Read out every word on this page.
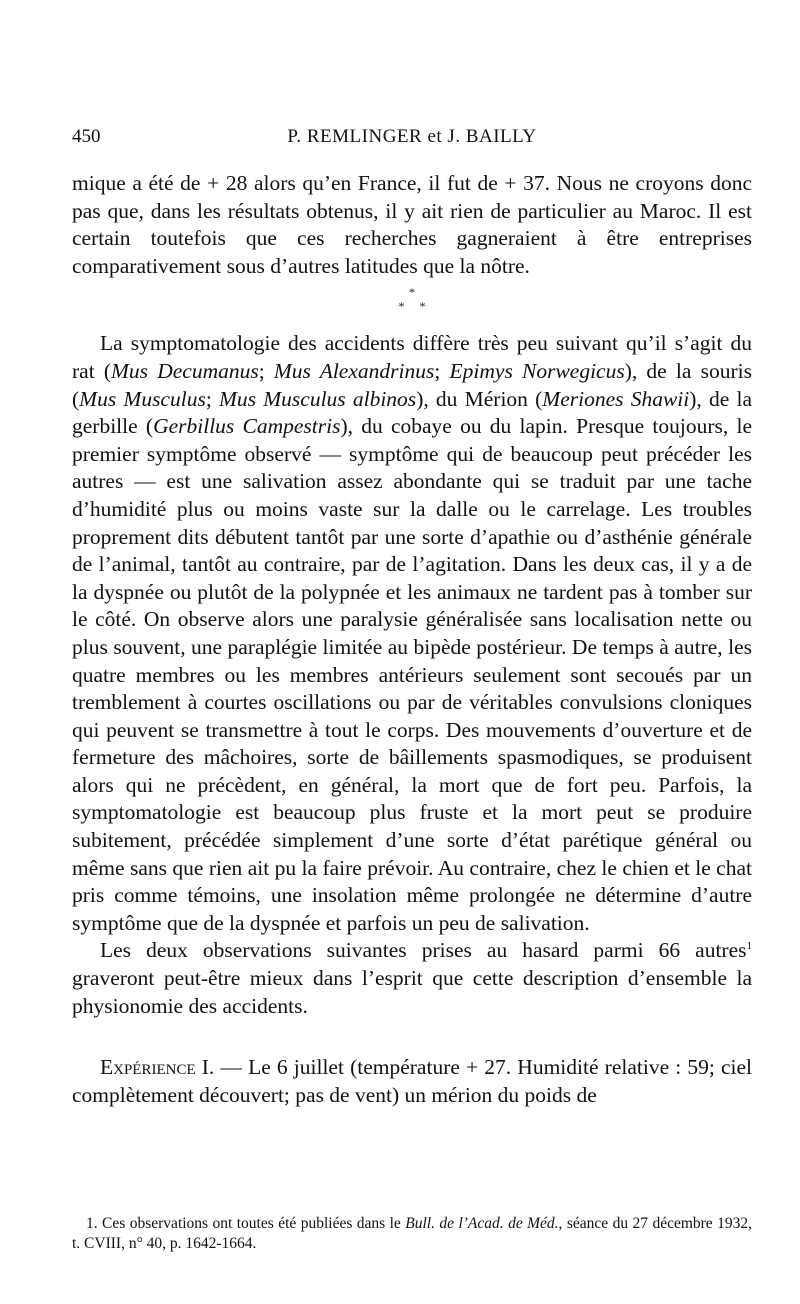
450	P. REMLINGER et J. BAILLY

mique a été de + 28 alors qu’en France, il fut de + 37. Nous ne croyons donc pas que, dans les résultats obtenus, il y ait rien de particulier au Maroc. Il est certain toutefois que ces recherches gagneraient à être entreprises comparativement sous d’autres latitudes que la nôtre.

*
*     *

La symptomatologie des accidents diffère très peu suivant qu’il s’agit du rat (Mus Decumanus; Mus Alexandrinus; Epimys Norwegicus), de la souris (Mus Musculus; Mus Musculus albinos), du Mérion (Meriones Shawii), de la gerbille (Gerbillus Campestris), du cobaye ou du lapin. Presque toujours, le premier symptôme observé — symptôme qui de beaucoup peut précéder les autres — est une salivation assez abondante qui se traduit par une tache d’humidité plus ou moins vaste sur la dalle ou le carrelage. Les troubles proprement dits débutent tantôt par une sorte d’apathie ou d’asthénie générale de l’animal, tantôt au contraire, par de l’agitation. Dans les deux cas, il y a de la dyspnée ou plutôt de la polypnée et les animaux ne tardent pas à tomber sur le côté. On observe alors une paralysie généralisée sans localisation nette ou plus souvent, une paraplégie limitée au bipède postérieur. De temps à autre, les quatre membres ou les membres antérieurs seulement sont secoués par un tremblement à courtes oscillations ou par de véritables convulsions cloniques qui peuvent se transmettre à tout le corps. Des mouvements d’ouverture et de fermeture des mâchoires, sorte de bâillements spasmodiques, se produisent alors qui ne précèdent, en général, la mort que de fort peu. Parfois, la symptomatologie est beaucoup plus fruste et la mort peut se produire subitement, précédée simplement d’une sorte d’état parétique général ou même sans que rien ait pu la faire prévoir. Au contraire, chez le chien et le chat pris comme témoins, une insolation même prolongée ne détermine d’autre symptôme que de la dyspnée et parfois un peu de salivation.

Les deux observations suivantes prises au hasard parmi 66 autres$^1$ graveront peut-être mieux dans l’esprit que cette description d’ensemble la physionomie des accidents.

Expérience I. — Le 6 juillet (température + 27. Humidité relative : 59; ciel complètement découvert; pas de vent) un mérion du poids de

1. Ces observations ont toutes été publiées dans le Bull. de l’Acad. de Méd., séance du 27 décembre 1932, t. CVIII, n° 40, p. 1642-1664.
